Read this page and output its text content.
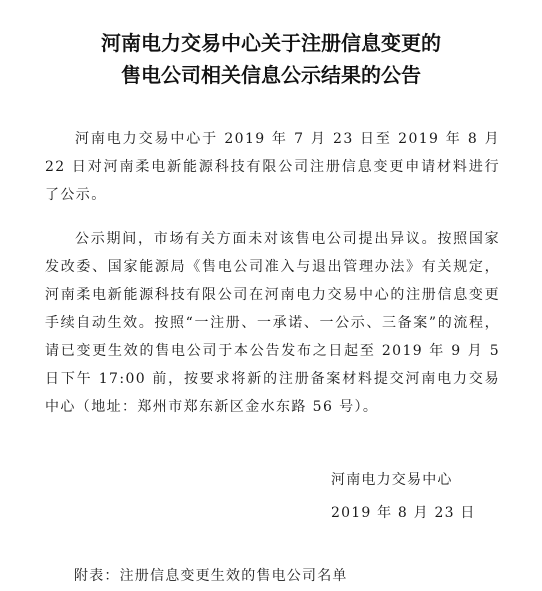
河南电力交易中心关于注册信息变更的
售电公司相关信息公示结果的公告
河南电力交易中心于 2019 年 7 月 23 日至 2019 年 8 月 22 日对河南柔电新能源科技有限公司注册信息变更申请材料进行了公示。
公示期间，市场有关方面未对该售电公司提出异议。按照国家发改委、国家能源局《售电公司准入与退出管理办法》有关规定，河南柔电新能源科技有限公司在河南电力交易中心的注册信息变更手续自动生效。按照“一注册、一承诺、一公示、三备案”的流程，请已变更生效的售电公司于本公告发布之日起至 2019 年 9 月 5 日下午 17:00 前，按要求将新的注册备案材料提交河南电力交易中心（地址：郑州市郑东新区金水东路 56 号）。
河南电力交易中心
2019 年 8 月 23 日
附表：注册信息变更生效的售电公司名单
